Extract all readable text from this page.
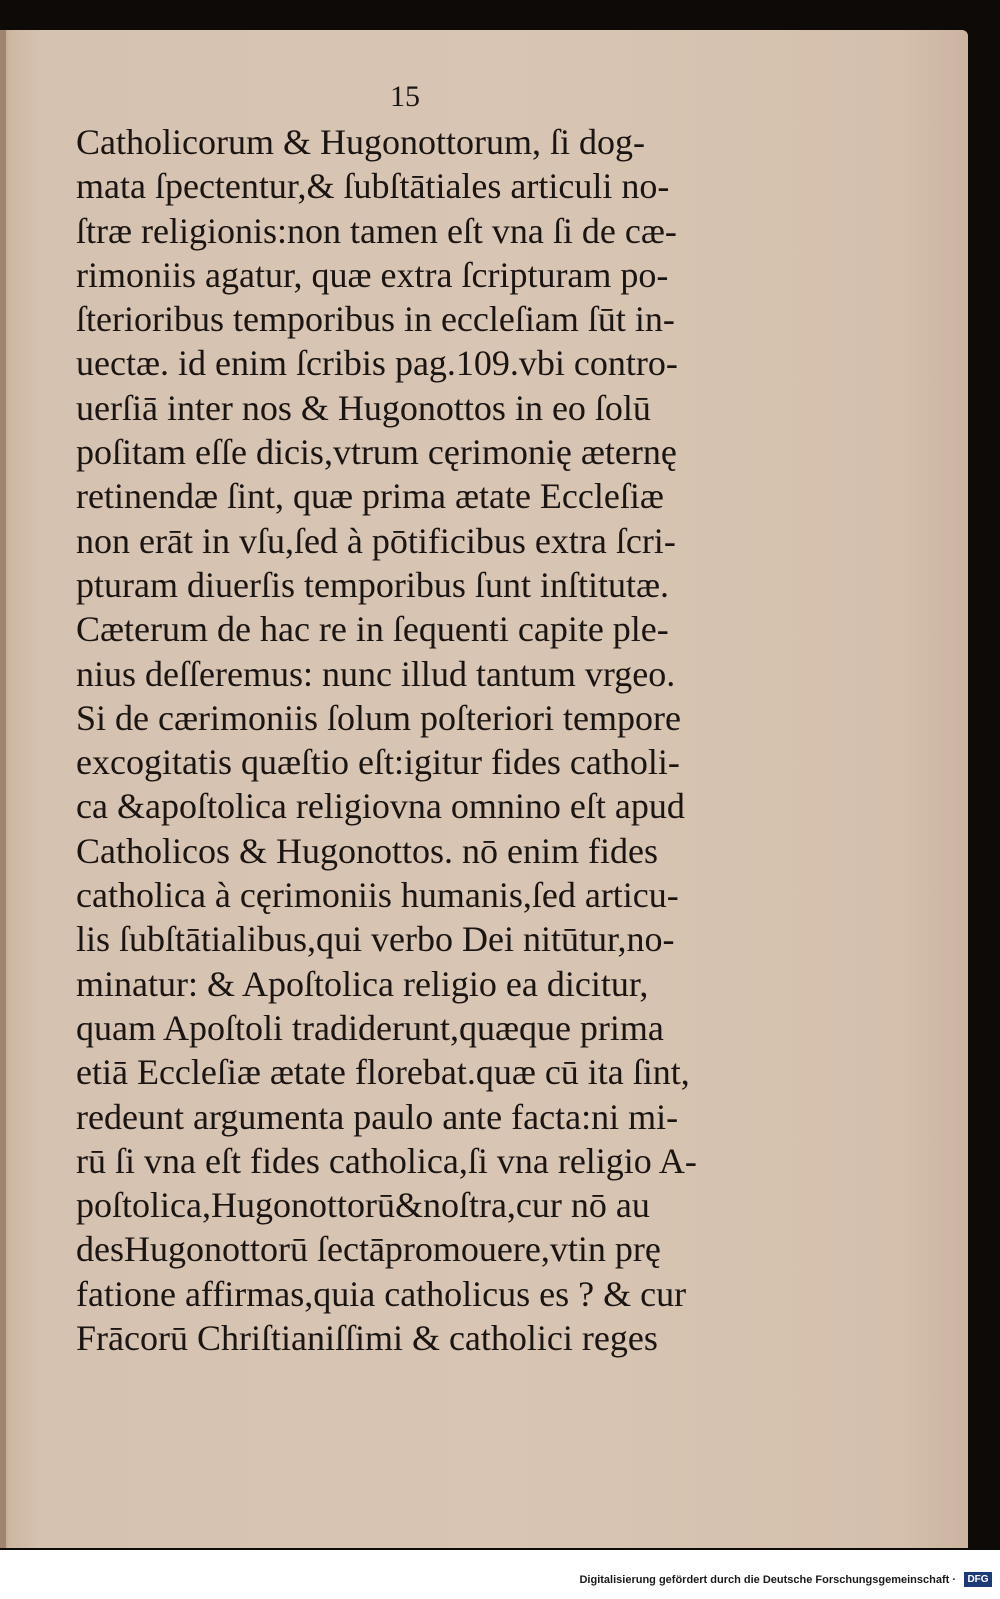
15
Catholicorum & Hugonottorum, ſi dog-
mata ſpectentur,& ſubſtātiales articuli no-
ſtræ religionis:non tamen eſt vna ſi de cæ-
rimoniis agatur, quæ extra ſcripturam po-
ſterioribus temporibus in eccleſiam ſūt in-
uectæ. id enim ſcribis pag.109.vbi contro-
uerſiā inter nos & Hugonottos in eo ſolū
poſitam eſſe dicis,vtrum cęrimonię æternę
retinendæ ſint, quæ prima ætate Eccleſiæ
non erāt in vſu,ſed à pōtificibus extra ſcri-
pturam diuerſis temporibus ſunt inſtitutæ.
Cæterum de hac re in ſequenti capite ple-
nius deſſeremus: nunc illud tantum vrgeo.
Si de cærimoniis ſolum poſteriori tempore
excogitatis quæſtio eſt:igitur fides catholi-
ca &apoſtolica religiovna omnino eſt apud
Catholicos & Hugonottos. nō enim fides
catholica à cęrimoniis humanis,ſed articu-
lis ſubſtātialibus,qui verbo Dei nitūtur,no-
minatur: & Apoſtolica religio ea dicitur,
quam Apoſtoli tradiderunt,quæque prima
etiā Eccleſiæ ætate florebat.quæ cū ita ſint,
redeunt argumenta paulo ante facta:ni mi-
rū ſi vna eſt fides catholica,ſi vna religio A-
poſtolica,Hugonottorū&noſtra,cur nō au
desHugonottorū ſectāpromouere,vtin prę
fatione affirmas,quia catholicus es ? & cur
Frācorū Chriſtianiſſimi & catholici reges
Digitalisierung gefördert durch die Deutsche Forschungsgemeinschaft ·	DFG
